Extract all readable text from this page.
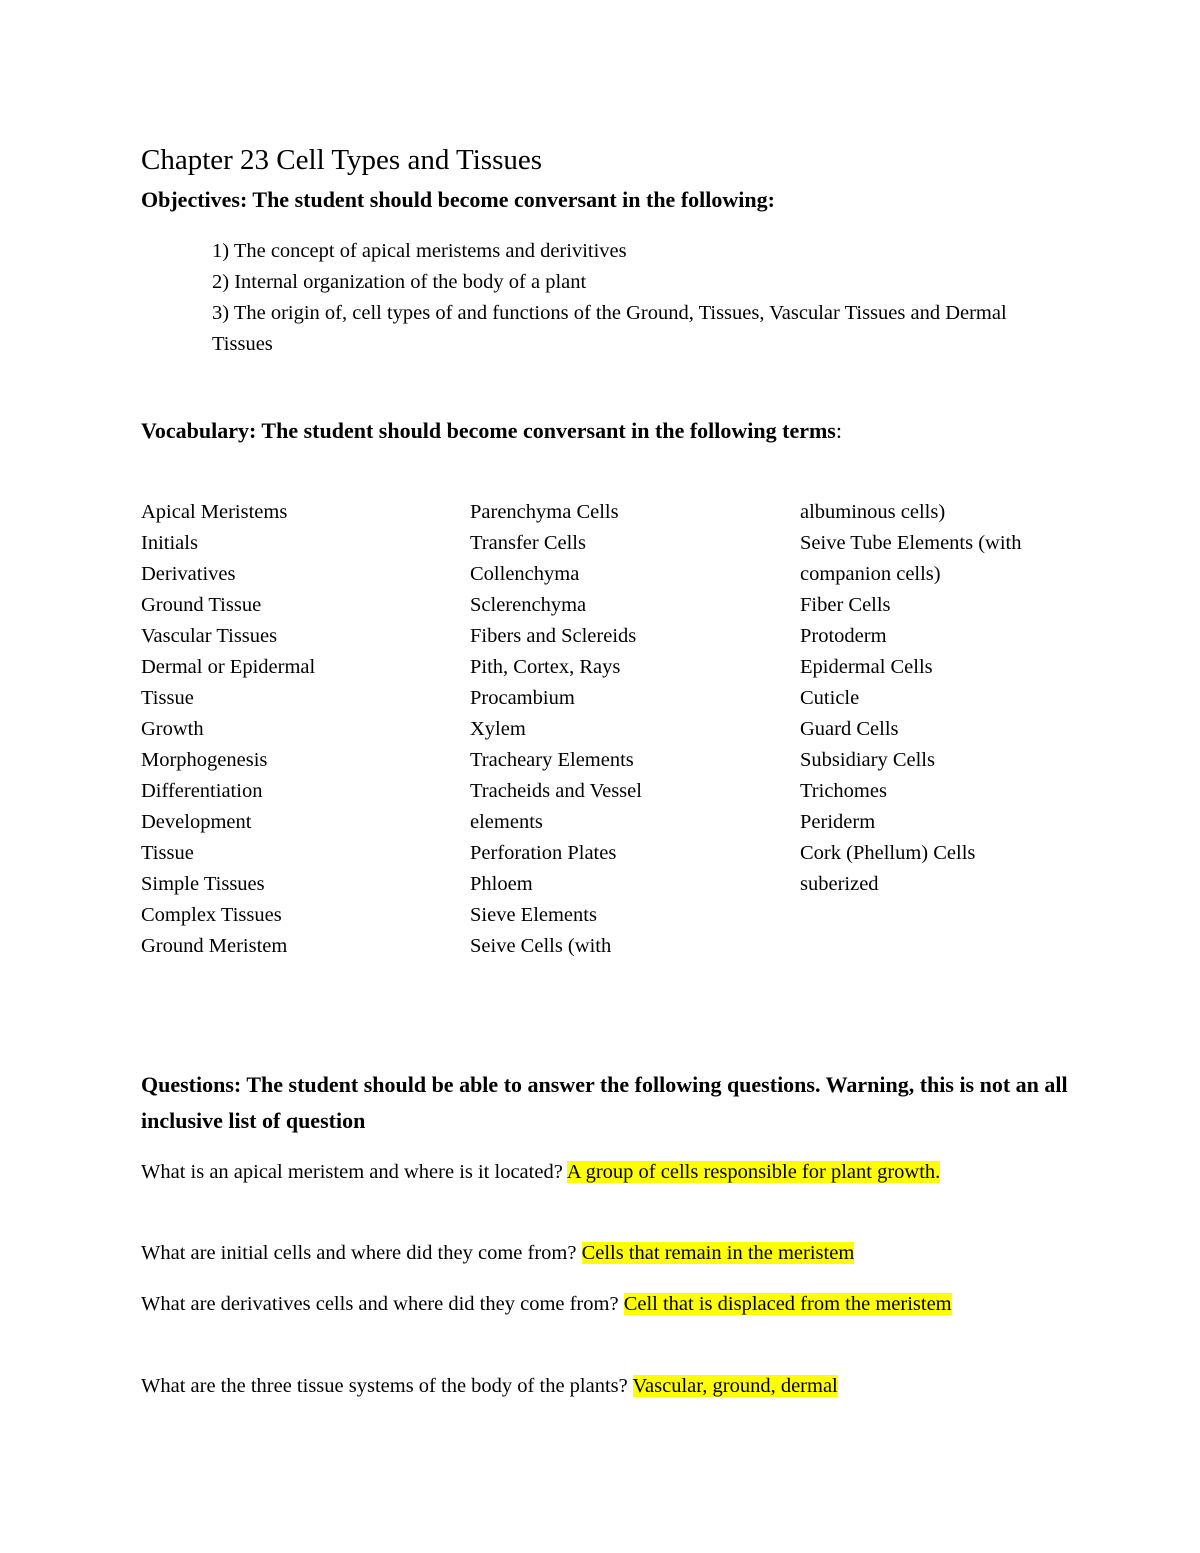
Chapter 23 Cell Types and Tissues
Objectives: The student should become conversant in the following:

1) The concept of apical meristems and derivitives

2) Internal organization of the body of a plant

3) The origin of, cell types of and functions of the Ground, Tissues, Vascular Tissues and Dermal Tissues

Vocabulary: The student should become conversant in the following terms:
Apical Meristems
Initials
Derivatives
Ground Tissue
Vascular Tissues
Dermal or Epidermal
Tissue
Growth
Morphogenesis
Differentiation
Development
Tissue
Simple Tissues
Complex Tissues
Ground Meristem
Parenchyma Cells
Transfer Cells
Collenchyma
Sclerenchyma
Fibers and Sclereids
Pith, Cortex, Rays
Procambium
Xylem
Tracheary Elements
Tracheids and Vessel
elements
Perforation Plates
Phloem
Sieve Elements
Seive Cells (with
albuminous cells)
Seive Tube Elements (with
companion cells)
Fiber Cells
Protoderm
Epidermal Cells
Cuticle
Guard Cells
Subsidiary Cells
Trichomes
Periderm
Cork (Phellum) Cells
suberized
Questions: The student should be able to answer the following questions. Warning, this is not an all inclusive list of question
What is an apical meristem and where is it located? A group of cells responsible for plant growth.
What are initial cells and where did they come from? Cells that remain in the meristem
What are derivatives cells and where did they come from? Cell that is displaced from the meristem
What are the three tissue systems of the body of the plants? Vascular, ground, dermal
